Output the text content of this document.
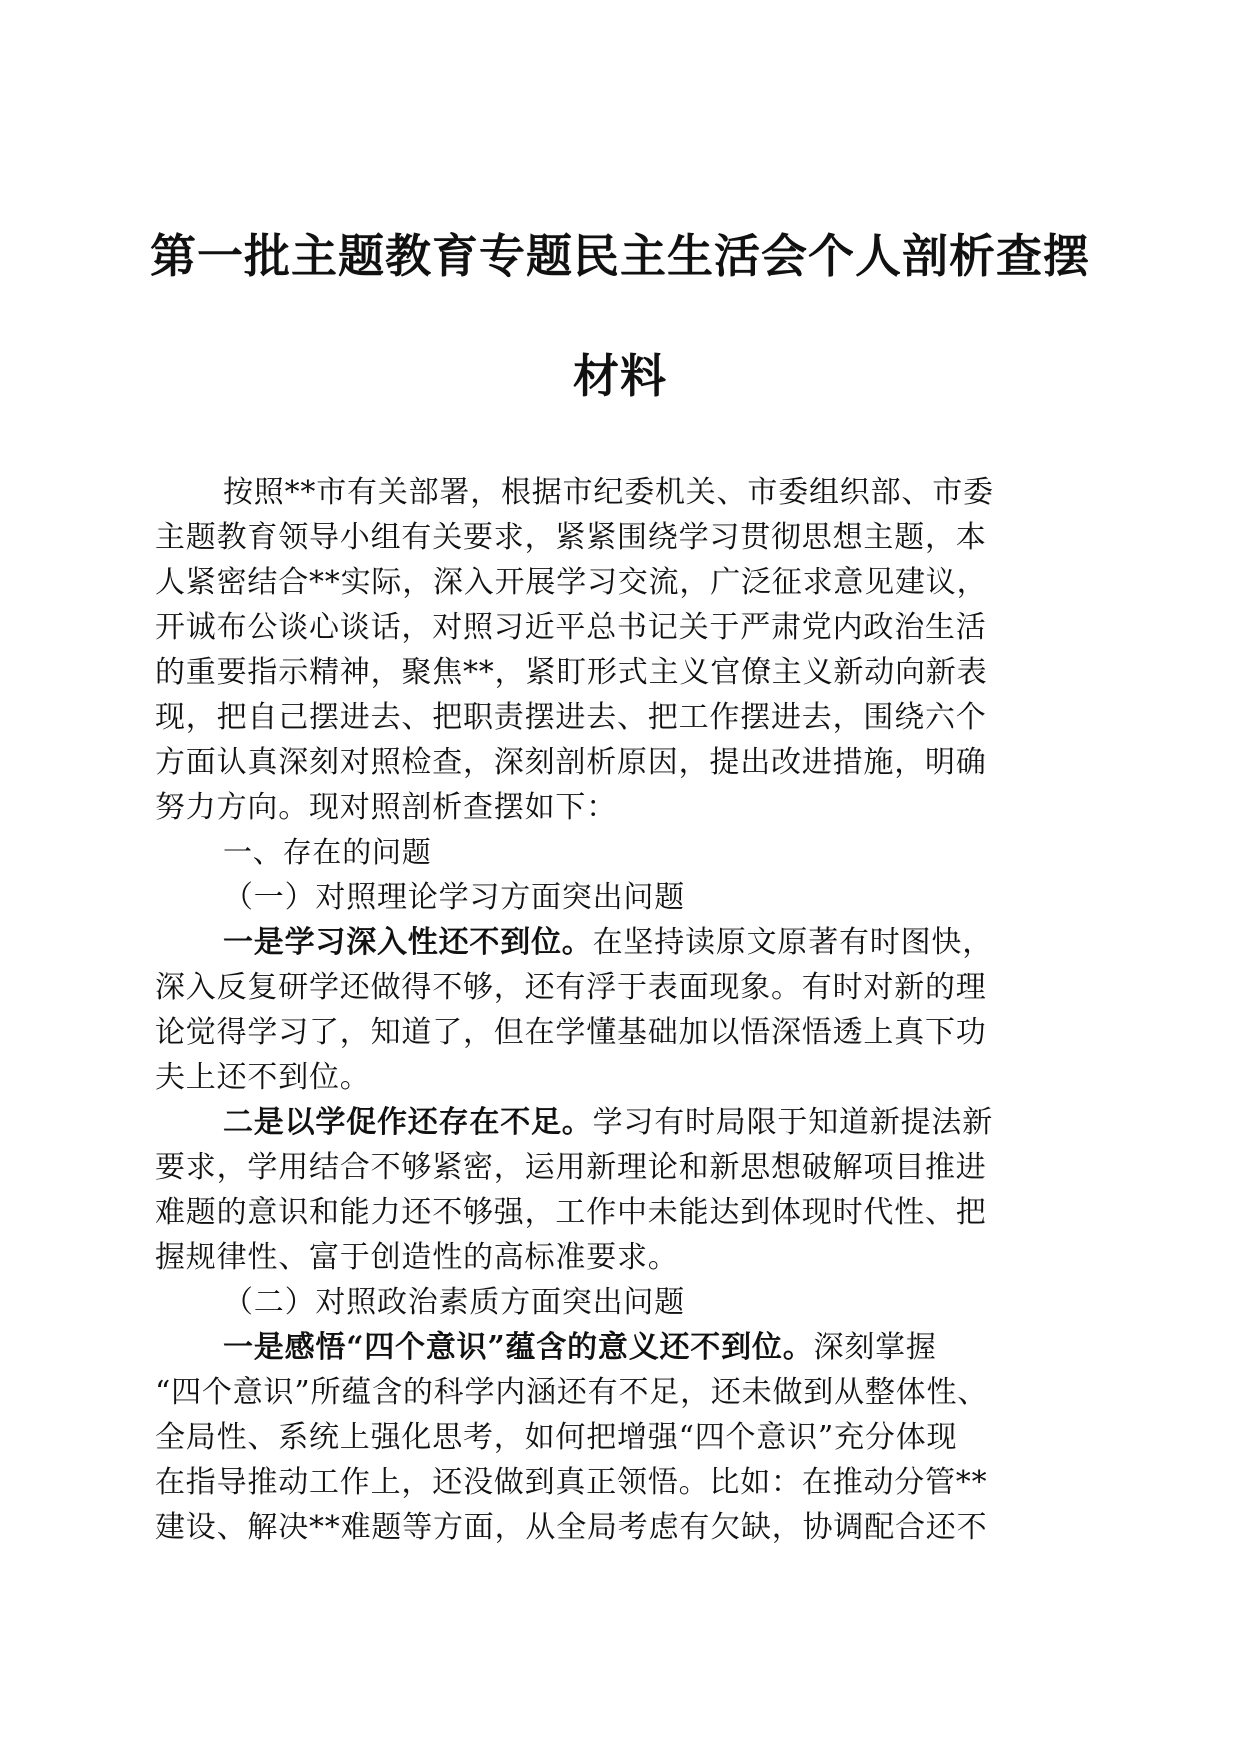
第一批主题教育专题民主生活会个人剖析查摆
材料
按照**市有关部署，根据市纪委机关、市委组织部、市委
主题教育领导小组有关要求，紧紧围绕学习贯彻思想主题，本
人紧密结合**实际，深入开展学习交流，广泛征求意见建议，
开诚布公谈心谈话，对照习近平总书记关于严肃党内政治生活
的重要指示精神，聚焦**，紧盯形式主义官僚主义新动向新表
现，把自己摆进去、把职责摆进去、把工作摆进去，围绕六个
方面认真深刻对照检查，深刻剖析原因，提出改进措施，明确
努力方向。现对照剖析查摆如下：
一、存在的问题
（一）对照理论学习方面突出问题
一是学习深入性还不到位。在坚持读原文原著有时图快，
深入反复研学还做得不够，还有浮于表面现象。有时对新的理
论觉得学习了，知道了，但在学懂基础加以悟深悟透上真下功
夫上还不到位。
二是以学促作还存在不足。学习有时局限于知道新提法新
要求，学用结合不够紧密，运用新理论和新思想破解项目推进
难题的意识和能力还不够强，工作中未能达到体现时代性、把
握规律性、富于创造性的高标准要求。
（二）对照政治素质方面突出问题
一是感悟“四个意识”蕴含的意义还不到位。深刻掌握
“四个意识”所蕴含的科学内涵还有不足，还未做到从整体性、
全局性、系统上强化思考，如何把增强“四个意识”充分体现
在指导推动工作上，还没做到真正领悟。比如：在推动分管**
建设、解决**难题等方面，从全局考虑有欠缺，协调配合还不
